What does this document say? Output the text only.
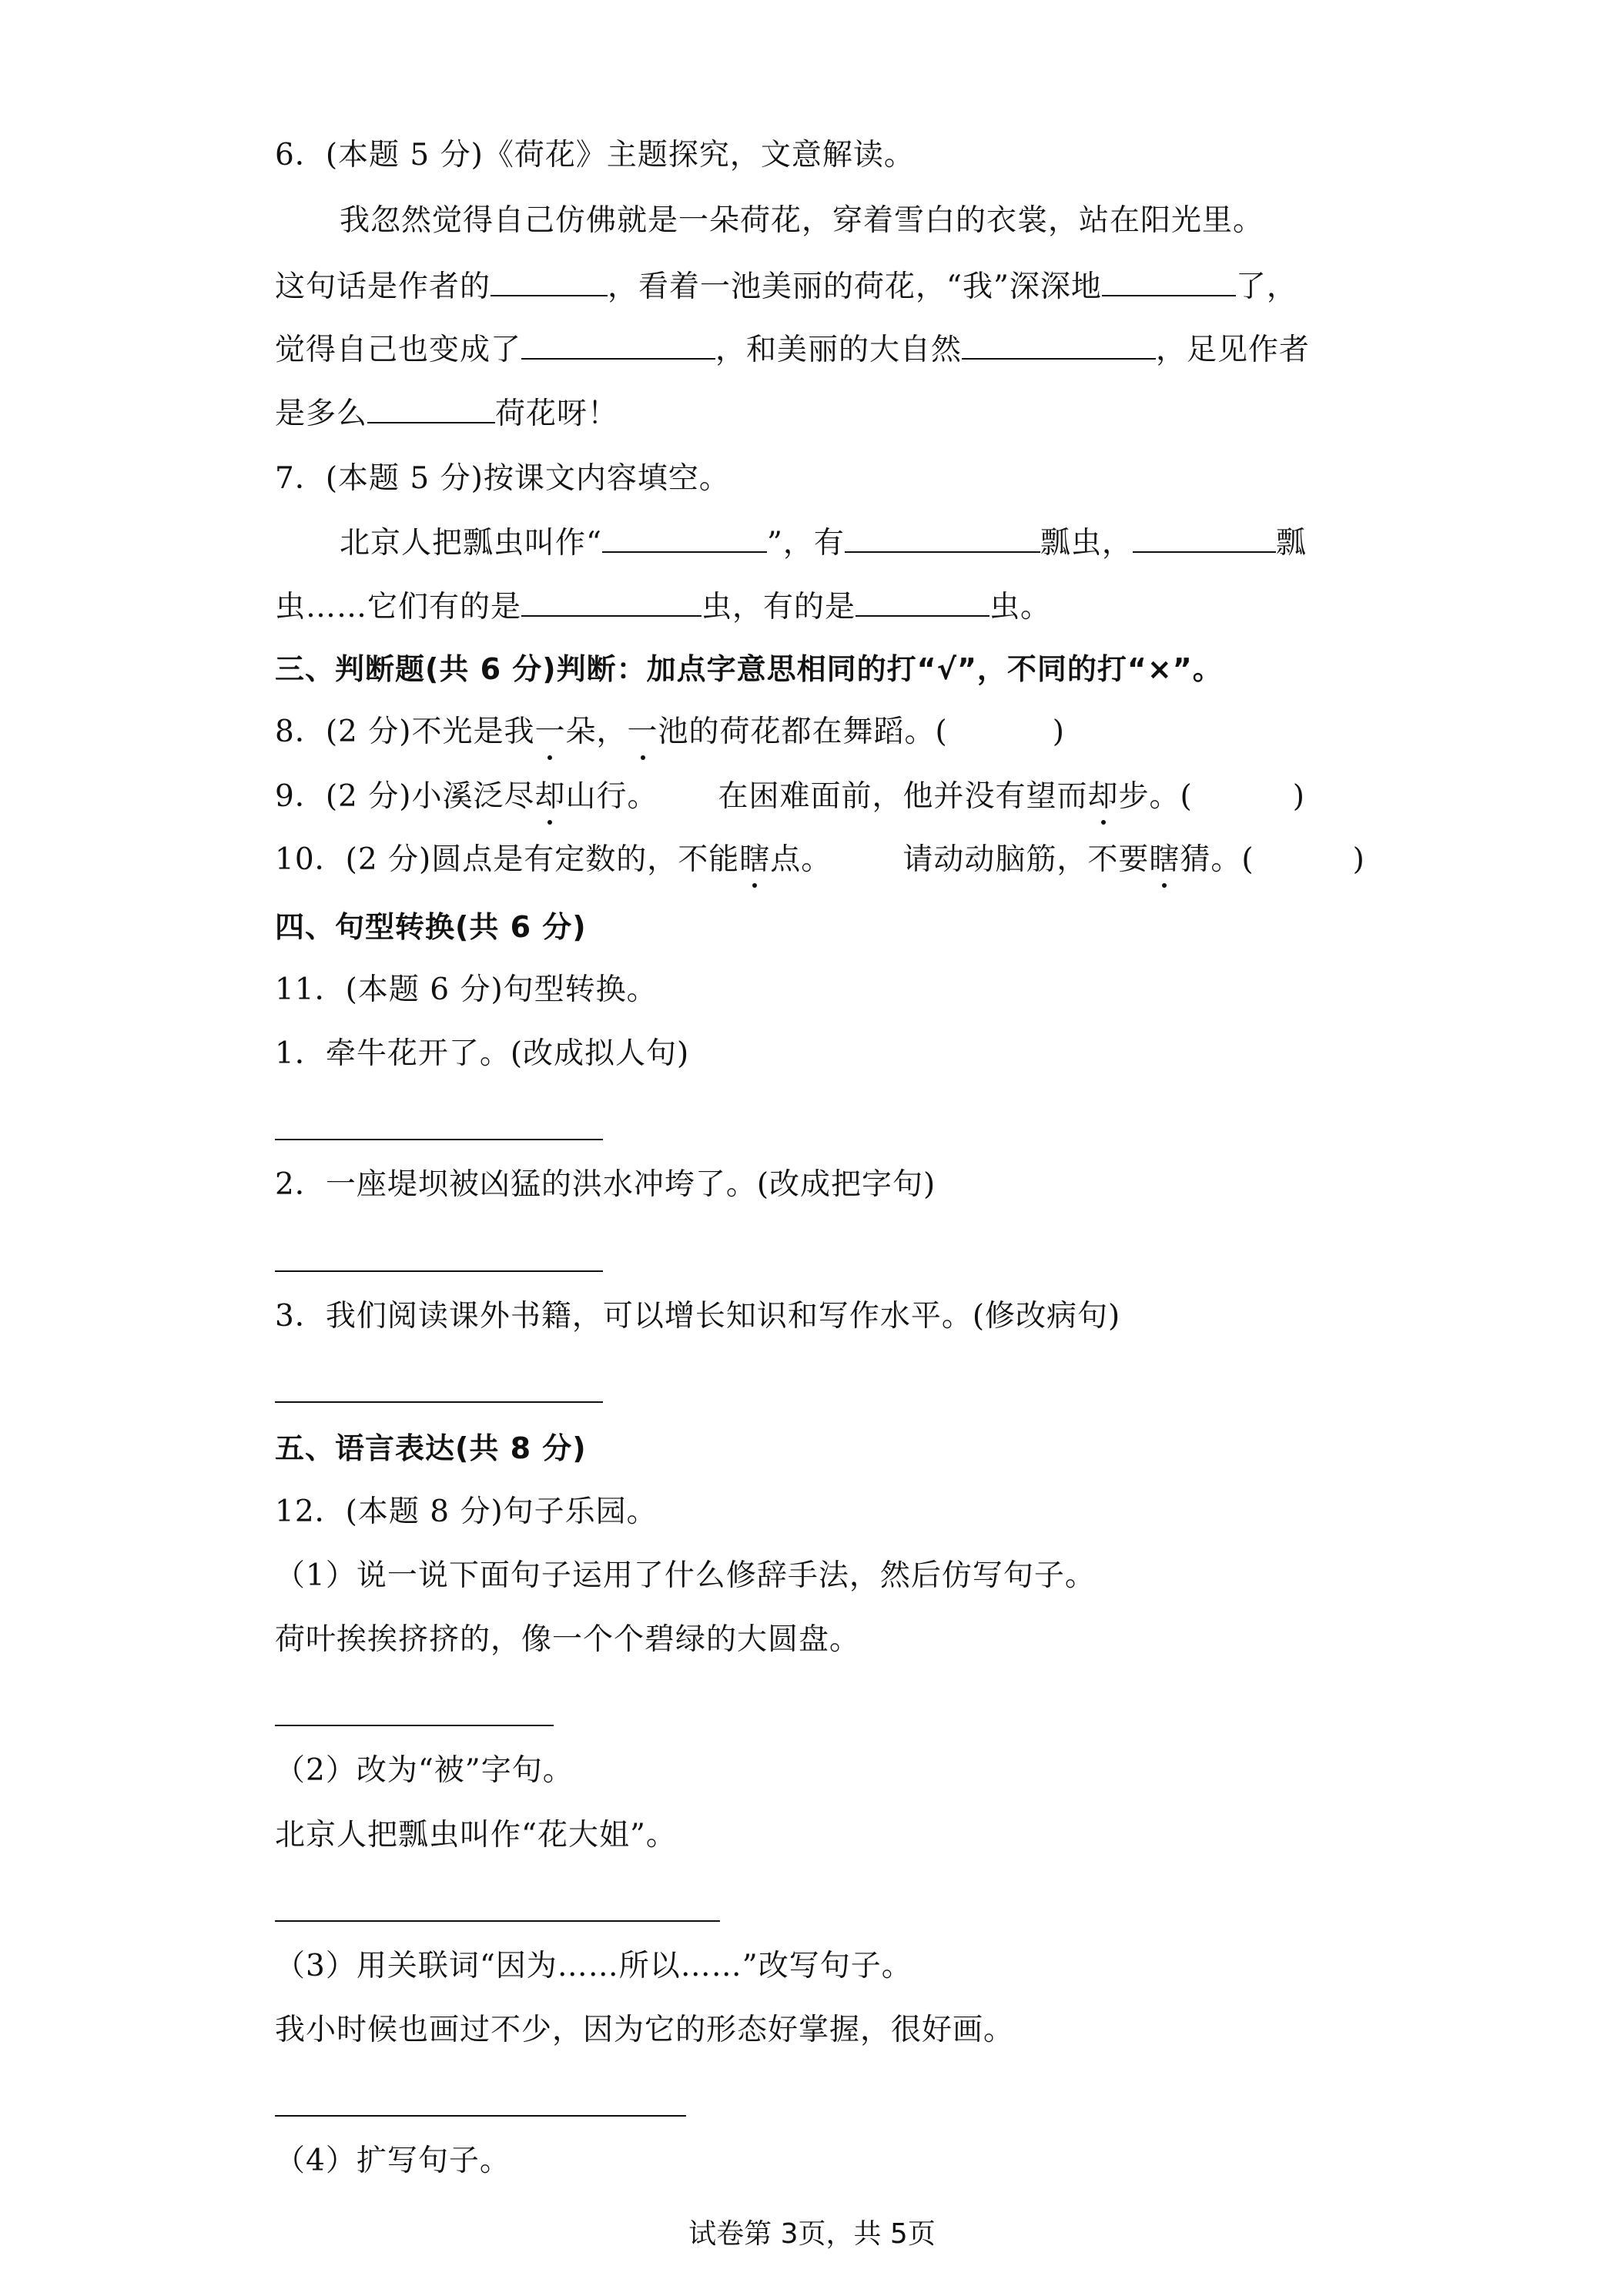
6．(本题 5 分)《荷花》主题探究，文意解读。

我忽然觉得自己仿佛就是一朵荷花，穿着雪白的衣裳，站在阳光里。

这句话是作者的	，看着一池美丽的荷花，“我”深深地	了，

觉得自己也变成了	，和美丽的大自然	，足见作者

是多么	荷花呀！

7．(本题 5 分)按课文内容填空。

北京人把瓢虫叫作“	”，有	瓢虫，	瓢

虫……它们有的是	虫，有的是	虫。

三、判断题(共 6 分)判断：加点字意思相同的打“√”，不同的打“×”。

8．(2 分)不光是我一朵，一池的荷花都在舞蹈。(	)

9．(2 分)小溪泛尽却山行。 在困难面前，他并没有望而却步。(	)

10．(2 分)圆点是有定数的，不能瞎点。 请动动脑筋，不要瞎猜。(	)

四、句型转换(共 6 分)

11．(本题 6 分)句型转换。

1．牵牛花开了。(改成拟人句)

2．一座堤坝被凶猛的洪水冲垮了。(改成把字句)

3．我们阅读课外书籍，可以增长知识和写作水平。(修改病句)

五、语言表达(共 8 分)

12．(本题 8 分)句子乐园。

（1）说一说下面句子运用了什么修辞手法，然后仿写句子。

荷叶挨挨挤挤的，像一个个碧绿的大圆盘。

（2）改为“被”字句。

北京人把瓢虫叫作“花大姐”。

（3）用关联词“因为……所以……”改写句子。

我小时候也画过不少，因为它的形态好掌握，很好画。

（4）扩写句子。

试卷第 3页，共 5页
